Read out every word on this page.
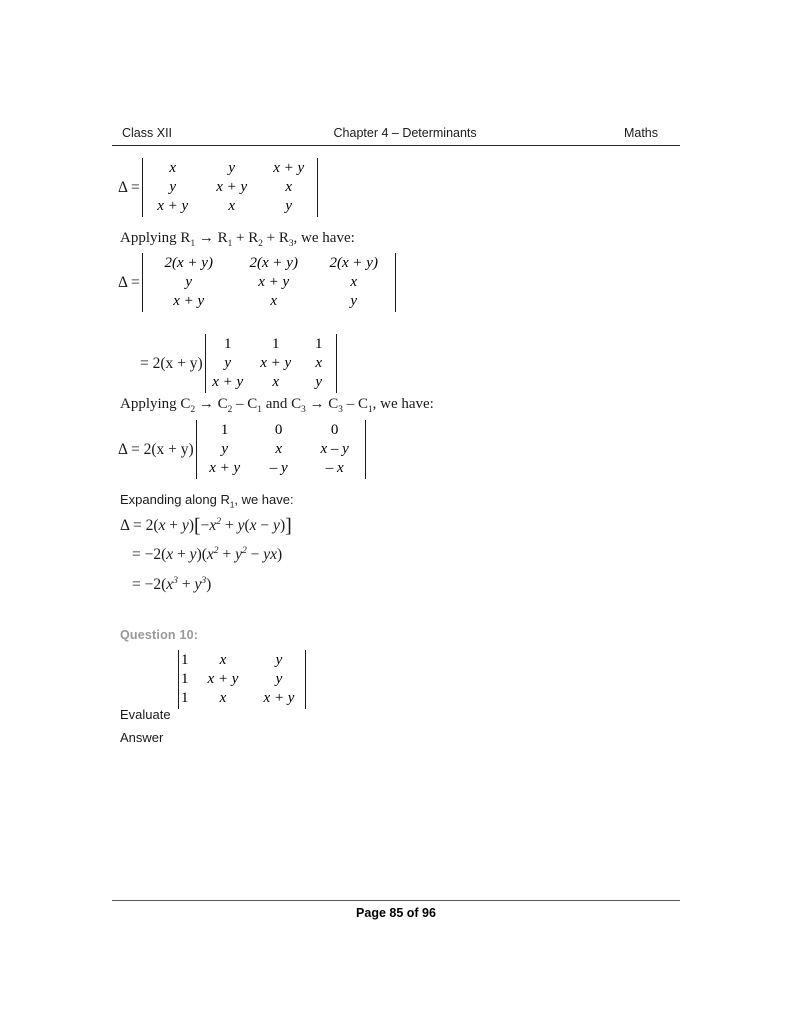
Class XII	Chapter 4 – Determinants	Maths
Δ =
x	y	x + y
y	x + y	x
x + y	x	y
Applying $R_1 \to R_1 + R_2 + R_3$, we have:
Δ =
2(x + y)	2(x + y)	2(x + y)
y	x + y	x
x + y	x	y
= 2(x + y)
1	1	1
y	x + y	x
x + y	x	y
Applying $C_2 \to C_2 - C_1$ and $C_3 \to C_3 - C_1$, we have:
Δ = 2(x + y)
1	0	0
y	x	x – y
x + y	– y	– x
Expanding along $R_1$, we have:
$\Delta = 2(x + y)[-x^2 + y(x - y)]$
= $-2(x + y)(x^2 + y^2 - yx)$
= $-2(x^3 + y^3)$
Question 10:
1	x	y
1	x + y	y
1	x	x + y
Evaluate
Answer
Page 85 of 96
